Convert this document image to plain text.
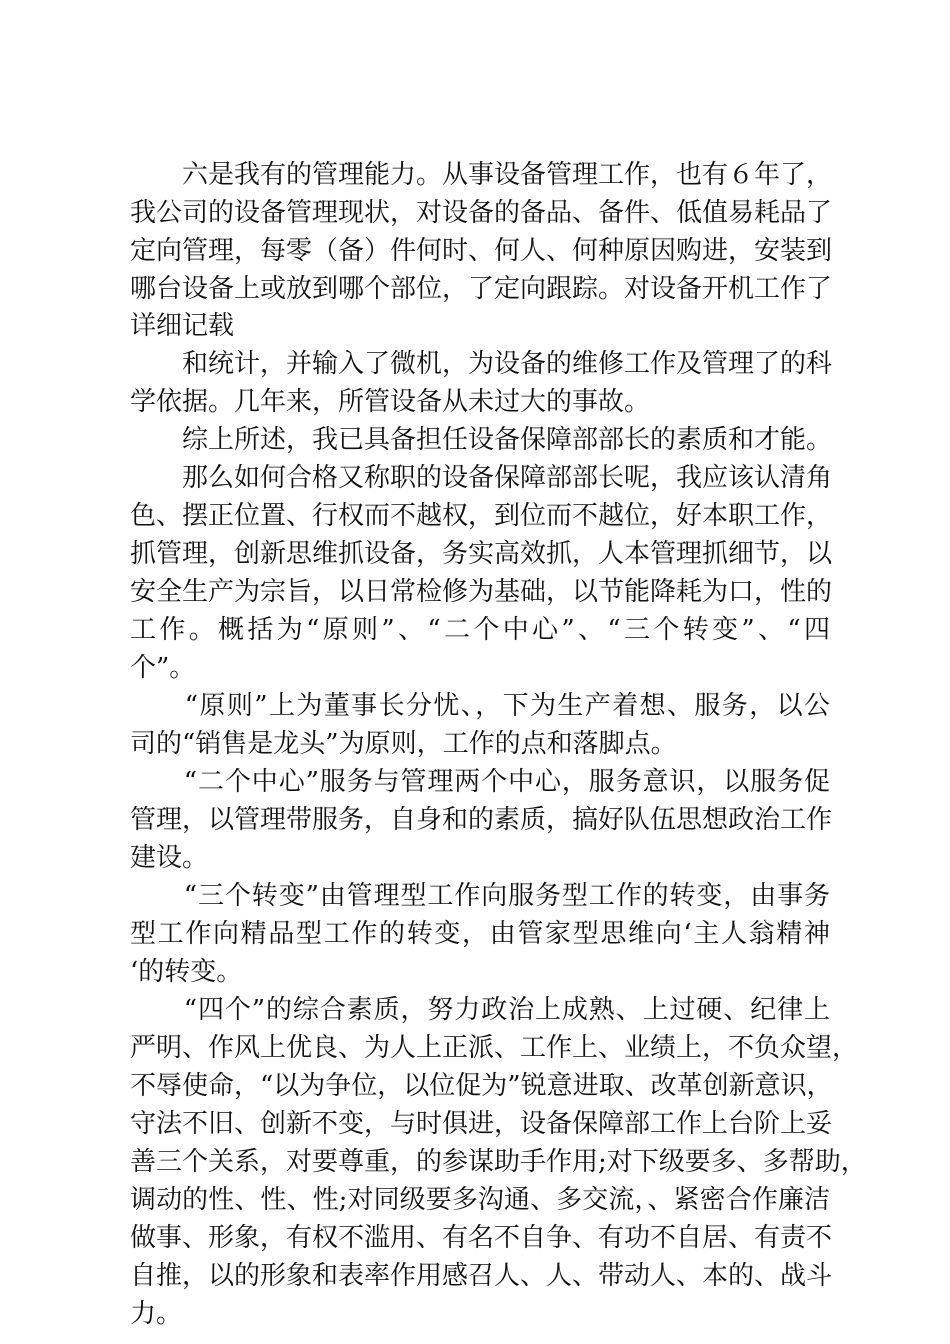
　　六是我有的管理能力。从事设备管理工作，也有６年了，
我公司的设备管理现状，对设备的备品、备件、低值易耗品了
定向管理，每零（备）件何时、何人、何种原因购进，安装到
哪台设备上或放到哪个部位，了定向跟踪。对设备开机工作了
详细记载
　　和统计，并输入了微机，为设备的维修工作及管理了的科
学依据。几年来，所管设备从未过大的事故。
　　综上所述，我已具备担任设备保障部部长的素质和才能。
　　那么如何合格又称职的设备保障部部长呢，我应该认清角
色、摆正位置、行权而不越权，到位而不越位，好本职工作，
抓管理，创新思维抓设备，务实高效抓，人本管理抓细节，以
安全生产为宗旨，以日常检修为基础，以节能降耗为口，性的
工作。概括为“原则”、“二个中心”、“三个转变”、“四
个”。
　　“原则”上为董事长分忧、，下为生产着想、服务，以公
司的“销售是龙头”为原则，工作的点和落脚点。
　　“二个中心”服务与管理两个中心，服务意识，以服务促
管理，以管理带服务，自身和的素质，搞好队伍思想政治工作
建设。
　　“三个转变”由管理型工作向服务型工作的转变，由事务
型工作向精品型工作的转变，由管家型思维向‘主人翁精神
‘的转变。
　　“四个”的综合素质，努力政治上成熟、上过硬、纪律上
严明、作风上优良、为人上正派、工作上、业绩上，不负众望，
不辱使命，“以为争位，以位促为”锐意进取、改革创新意识，
守法不旧、创新不变，与时俱进，设备保障部工作上台阶上妥
善三个关系，对要尊重，的参谋助手作用;对下级要多、多帮助，
调动的性、性、性;对同级要多沟通、多交流，、紧密合作廉洁
做事、形象，有权不滥用、有名不自争、有功不自居、有责不
自推，以的形象和表率作用感召人、人、带动人、本的、战斗
力。
